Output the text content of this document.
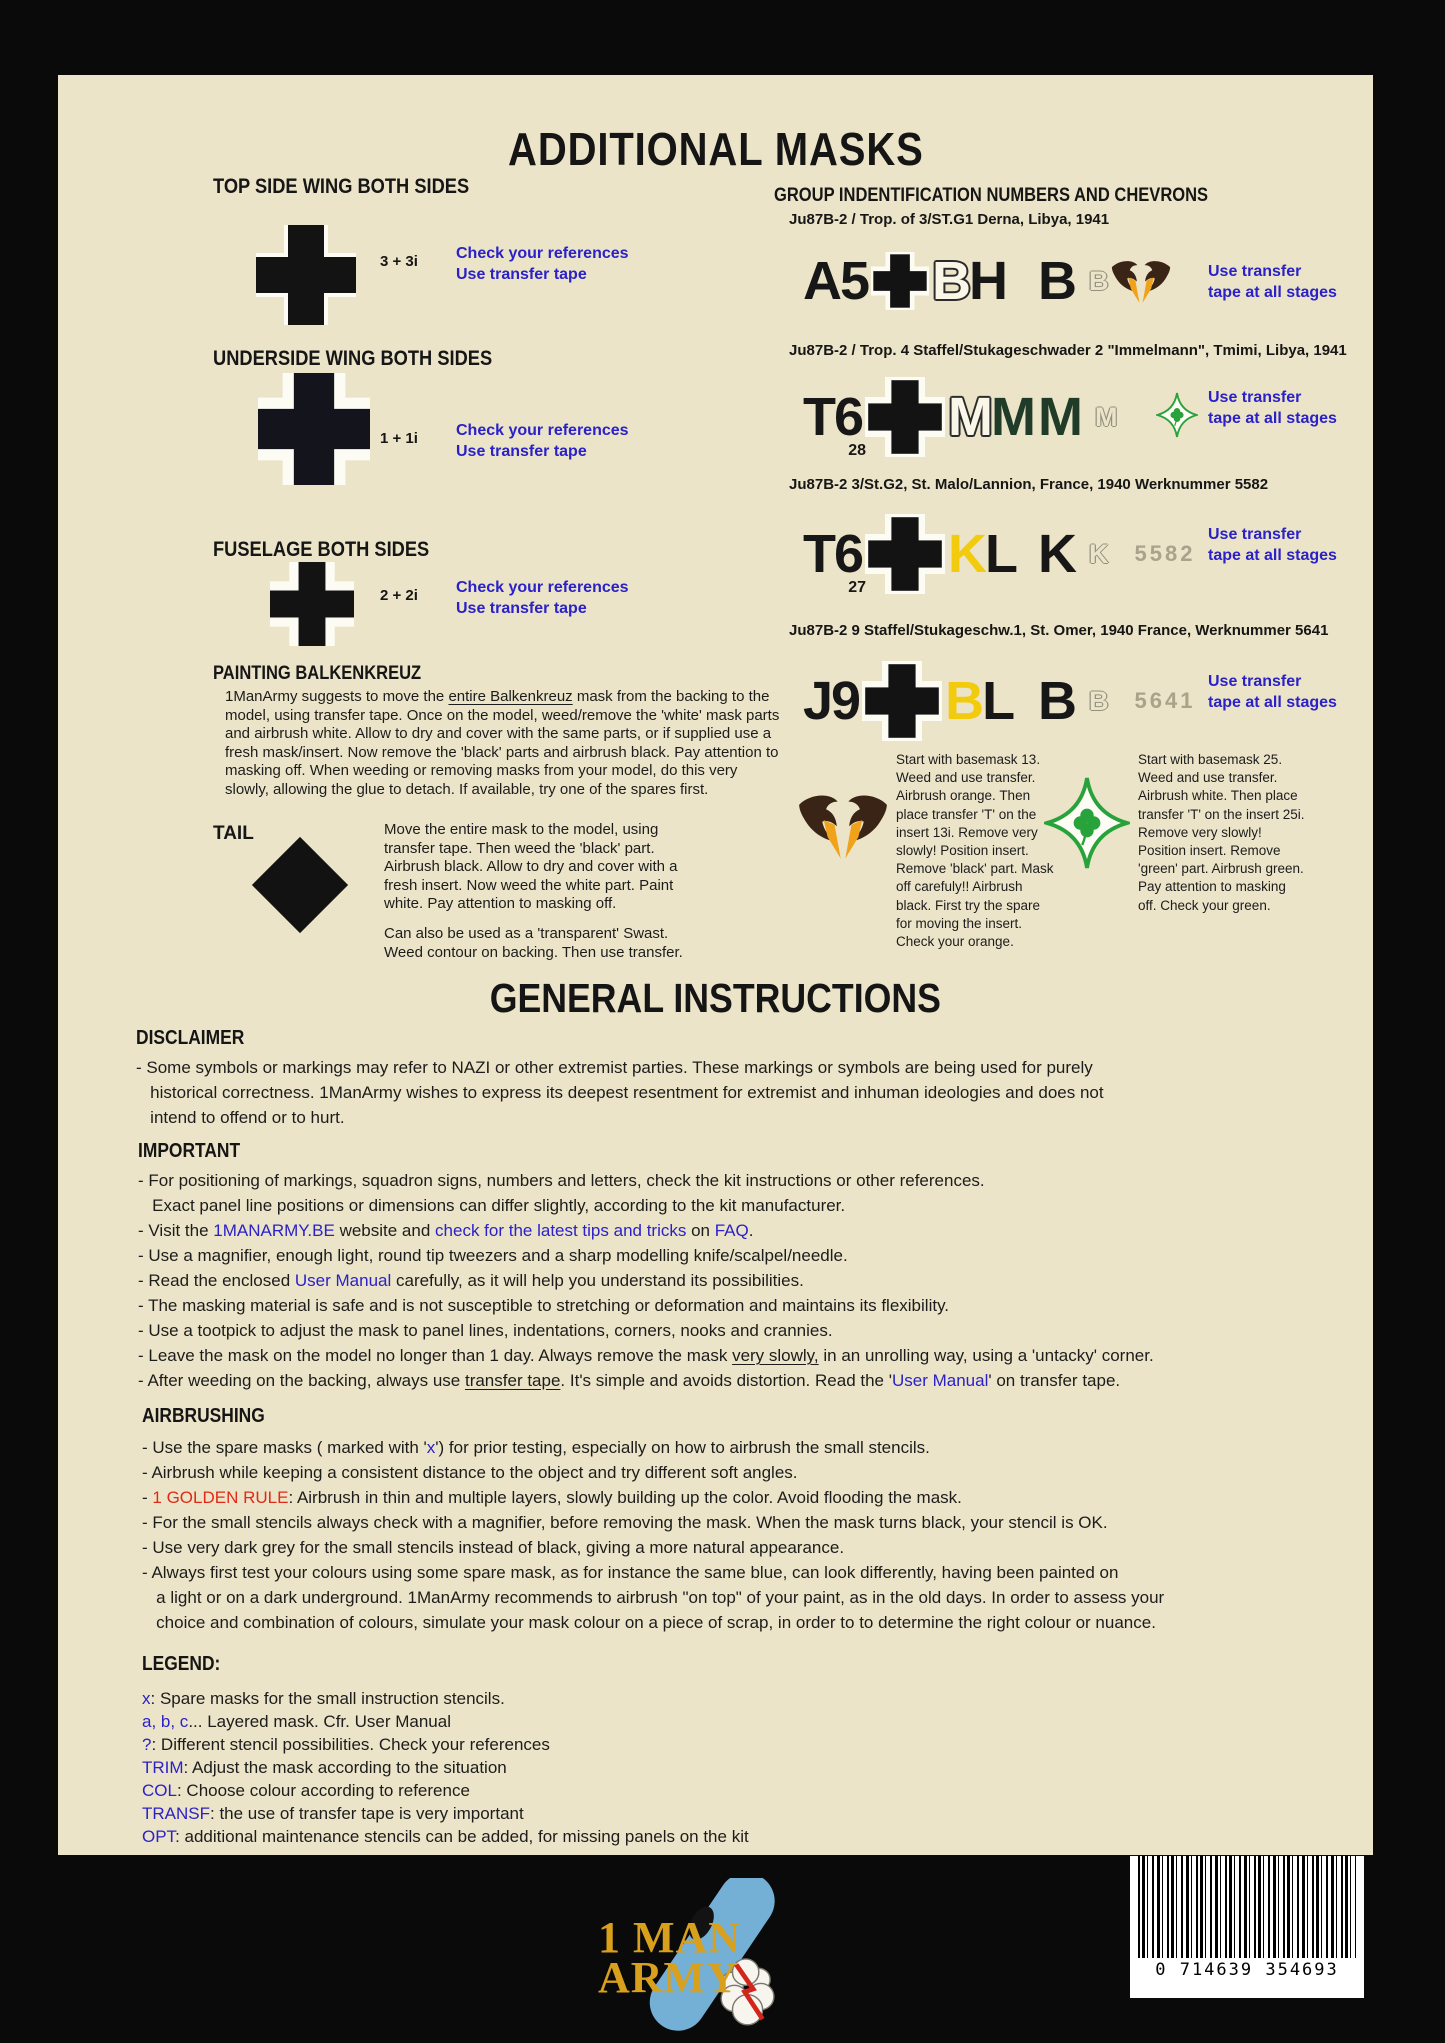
ADDITIONAL MASKS
TOP SIDE WING BOTH SIDES
3 + 3i Check your references
Use transfer tape
UNDERSIDE WING BOTH SIDES
1 + 1i Check your references
Use transfer tape
FUSELAGE BOTH SIDES
2 + 2i Check your references
Use transfer tape
PAINTING BALKENKREUZ
1ManArmy suggests to move the entire Balkenkreuz mask from the backing to the model, using transfer tape. Once on the model, weed/remove the 'white' mask parts and airbrush white. Allow to dry and cover with the same parts, or if supplied use a fresh mask/insert. Now remove the 'black' parts and airbrush black. Pay attention to masking off. When weeding or removing masks from your model, do this very slowly, allowing the glue to detach. If available, try one of the spares first.
TAIL	Move the entire mask to the model, using transfer tape. Then weed the 'black' part. Airbrush black. Allow to dry and cover with a fresh insert. Now weed the white part. Paint white. Pay attention to masking off.
Can also be used as a 'transparent' Swast. Weed contour on backing. Then use transfer.
GROUP INDENTIFICATION NUMBERS AND CHEVRONS
Ju87B-2 / Trop. of 3/ST.G1 Derna, Libya, 1941
A5 B H B B	Use transfer
tape at all stages
Ju87B-2 / Trop. 4 Staffel/Stukageschwader 2 "Immelmann", Tmimi, Libya, 1941
T6
28
M M M M
Use transfer
tape at all stages
Ju87B-2 3/St.G2, St. Malo/Lannion, France, 1940 Werknummer 5582
T6
27
K L K K 5582
Use transfer
tape at all stages
Ju87B-2 9 Staffel/Stukageschw.1, St. Omer, 1940 France, Werknummer 5641
J9 B L B B 5641
Use transfer
tape at all stages
Start with basemask 13. Weed and use transfer. Airbrush orange. Then place transfer 'T' on the insert 13i. Remove very slowly! Position insert. Remove 'black' part. Mask off carefuly!! Airbrush black. First try the spare for moving the insert. Check your orange.
Start with basemask 25. Weed and use transfer. Airbrush white. Then place transfer 'T' on the insert 25i. Remove very slowly! Position insert. Remove 'green' part. Airbrush green. Pay attention to masking off. Check your green.
GENERAL INSTRUCTIONS
DISCLAIMER
- Some symbols or markings may refer to NAZI or other extremist parties. These markings or symbols are being used for purely
historical correctness. 1ManArmy wishes to express its deepest resentment for extremist and inhuman ideologies and does not
intend to offend or to hurt.
IMPORTANT
- For positioning of markings, squadron signs, numbers and letters, check the kit instructions or other references.
Exact panel line positions or dimensions can differ slightly, according to the kit manufacturer.
- Visit the 1MANARMY.BE website and check for the latest tips and tricks on FAQ.
- Use a magnifier, enough light, round tip tweezers and a sharp modelling knife/scalpel/needle.
- Read the enclosed User Manual carefully, as it will help you understand its possibilities.
- The masking material is safe and is not susceptible to stretching or deformation and maintains its flexibility.
- Use a tootpick to adjust the mask to panel lines, indentations, corners, nooks and crannies.
- Leave the mask on the model no longer than 1 day. Always remove the mask very slowly, in an unrolling way, using a 'untacky' corner.
- After weeding on the backing, always use transfer tape. It's simple and avoids distortion. Read the 'User Manual' on transfer tape.
AIRBRUSHING
- Use the spare masks ( marked with 'x') for prior testing, especially on how to airbrush the small stencils.
- Airbrush while keeping a consistent distance to the object and try different soft angles.
- 1 GOLDEN RULE: Airbrush in thin and multiple layers, slowly building up the color. Avoid flooding the mask.
- For the small stencils always check with a magnifier, before removing the mask. When the mask turns black, your stencil is OK.
- Use very dark grey for the small stencils instead of black, giving a more natural appearance.
- Always first test your colours using some spare mask, as for instance the same blue, can look differently, having been painted on
a light or on a dark underground. 1ManArmy recommends to airbrush "on top" of your paint, as in the old days. In order to assess your
choice and combination of colours, simulate your mask colour on a piece of scrap, in order to to determine the right colour or nuance.
LEGEND:
x: Spare masks for the small instruction stencils.
a, b, c... Layered mask. Cfr. User Manual
?: Different stencil possibilities. Check your references
TRIM: Adjust the mask according to the situation
COL: Choose colour according to reference
TRANSF: the use of transfer tape is very important
OPT: additional maintenance stencils can be added, for missing panels on the kit
1 MAN
ARMY	0 714639 354693
